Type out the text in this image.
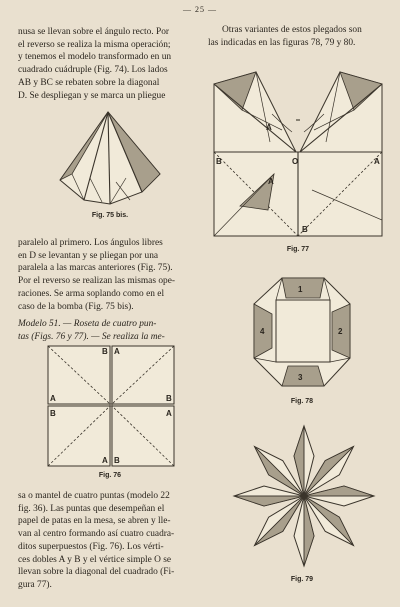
— 25 —
nusa se llevan sobre el ángulo recto. Por
el reverso se realiza la misma operación;
y tenemos el modelo transformado en un
cuadrado cuádruple (Fig. 74). Los lados
AB y BC se rebaten sobre la diagonal
D. Se despliegan y se marca un pliegue
Fig. 75 bis.
paralelo al primero. Los ángulos libres
en D se levantan y se pliegan por una
paralela a las marcas anteriores (Fig. 75).
Por el reverso se realizan las mismas ope-
raciones. Se arma soplando como en el
caso de la bomba (Fig. 75 bis).
Modelo 51. — Roseta de cuatro pun-
tas (Figs. 76 y 77). — Se realiza la me-
B A
A	B
B	A
A B
Fig. 76
sa o mantel de cuatro puntas (modelo 22
fig. 36). Las puntas que desempeñan el
papel de patas en la mesa, se abren y lle-
van al centro formando así cuatro cuadra-
ditos superpuestos (Fig. 76). Los vérti-
ces dobles A y B y el vértice simple O se
llevan sobre la diagonal del cuadrado (Fi-
gura 77).
Otras variantes de estos plegados son
las indicadas en las figuras 78, 79 y 80.
B	O	A
A
B
A
Fig. 77
1
2
3
4
Fig. 78
Fig. 79
